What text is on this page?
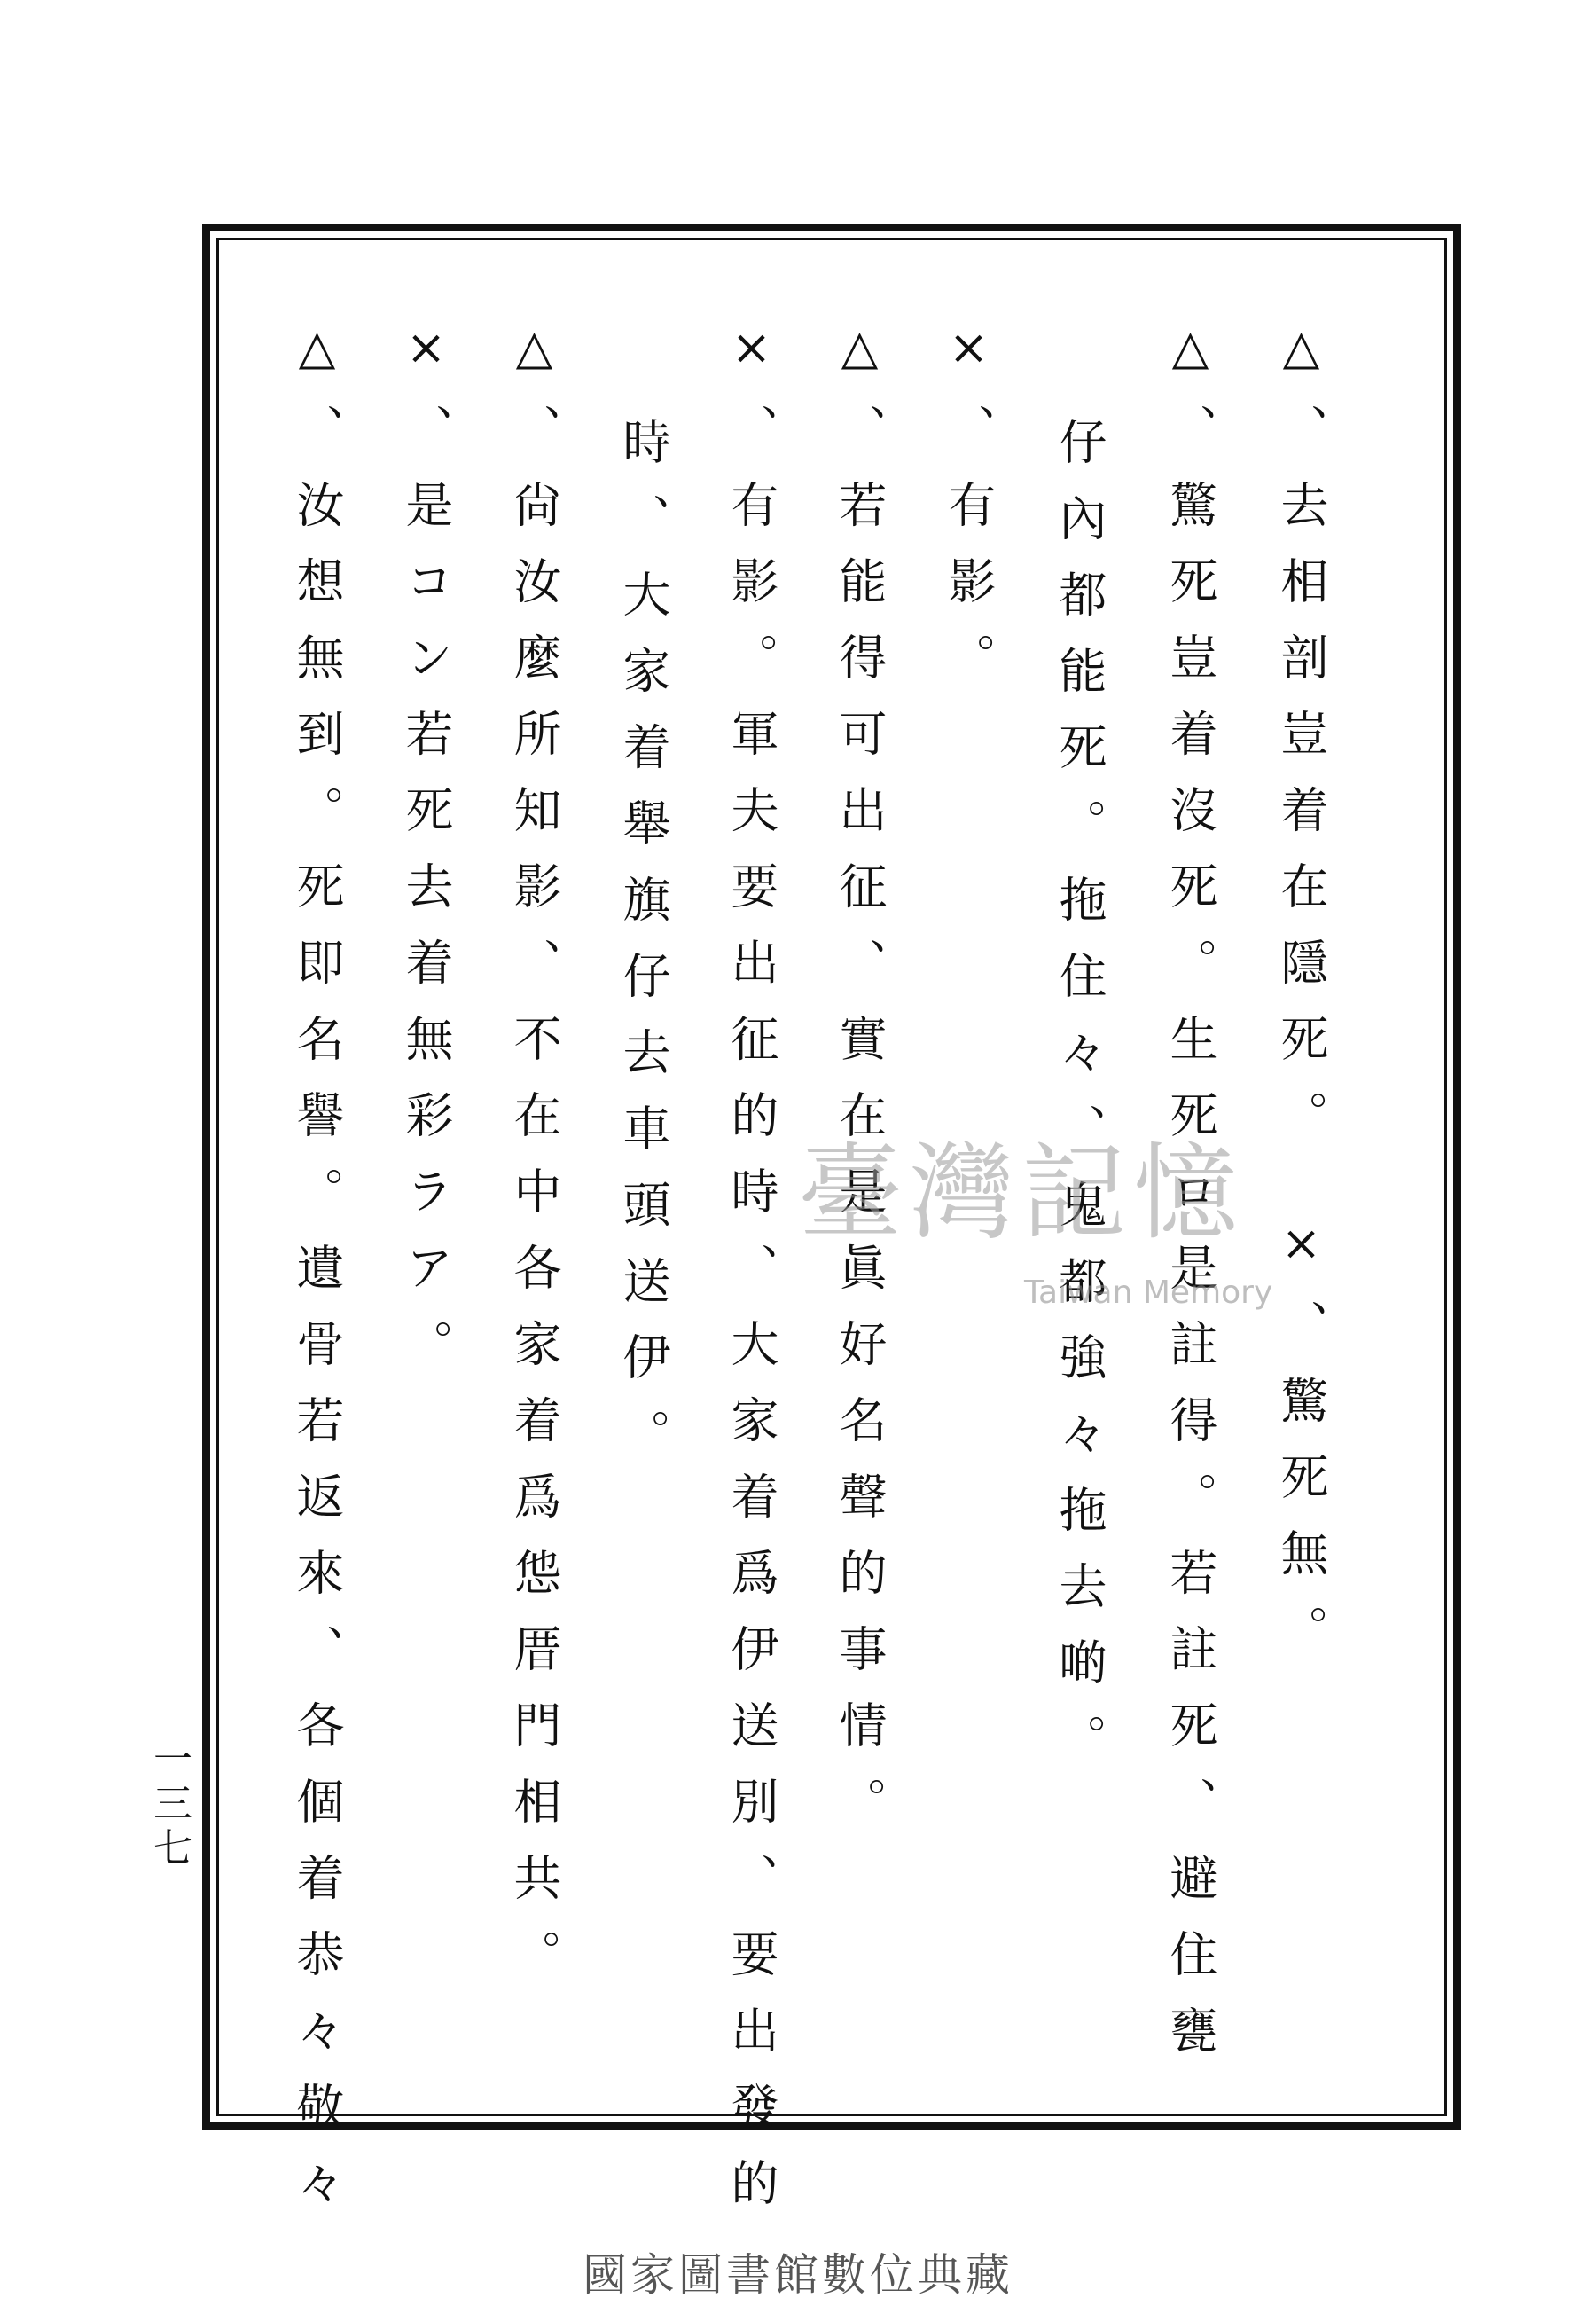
△、去相剖豈着在隱死。
△、驚死豈着沒死。生死ロ是註得。若註死、避住甕
仔內都能死。拖住々、鬼都強々拖去啲。
×、有影。
△、若能得可出征、實在是眞好名聲的事情。
×、有影。軍夫要出征的時、大家着爲伊送別、要出發的
時、大家着舉旗仔去車頭送伊。
△、尙汝麼所知影、不在中各家着爲怹厝門相共。
×、是コン若死去着無彩ラア。
△、汝想無到。死即名譽。遺骨若返來、各個着恭々敬々	×、驚死無。
一三七
臺灣記憶
Taiwan Memory
國家圖書館數位典藏
